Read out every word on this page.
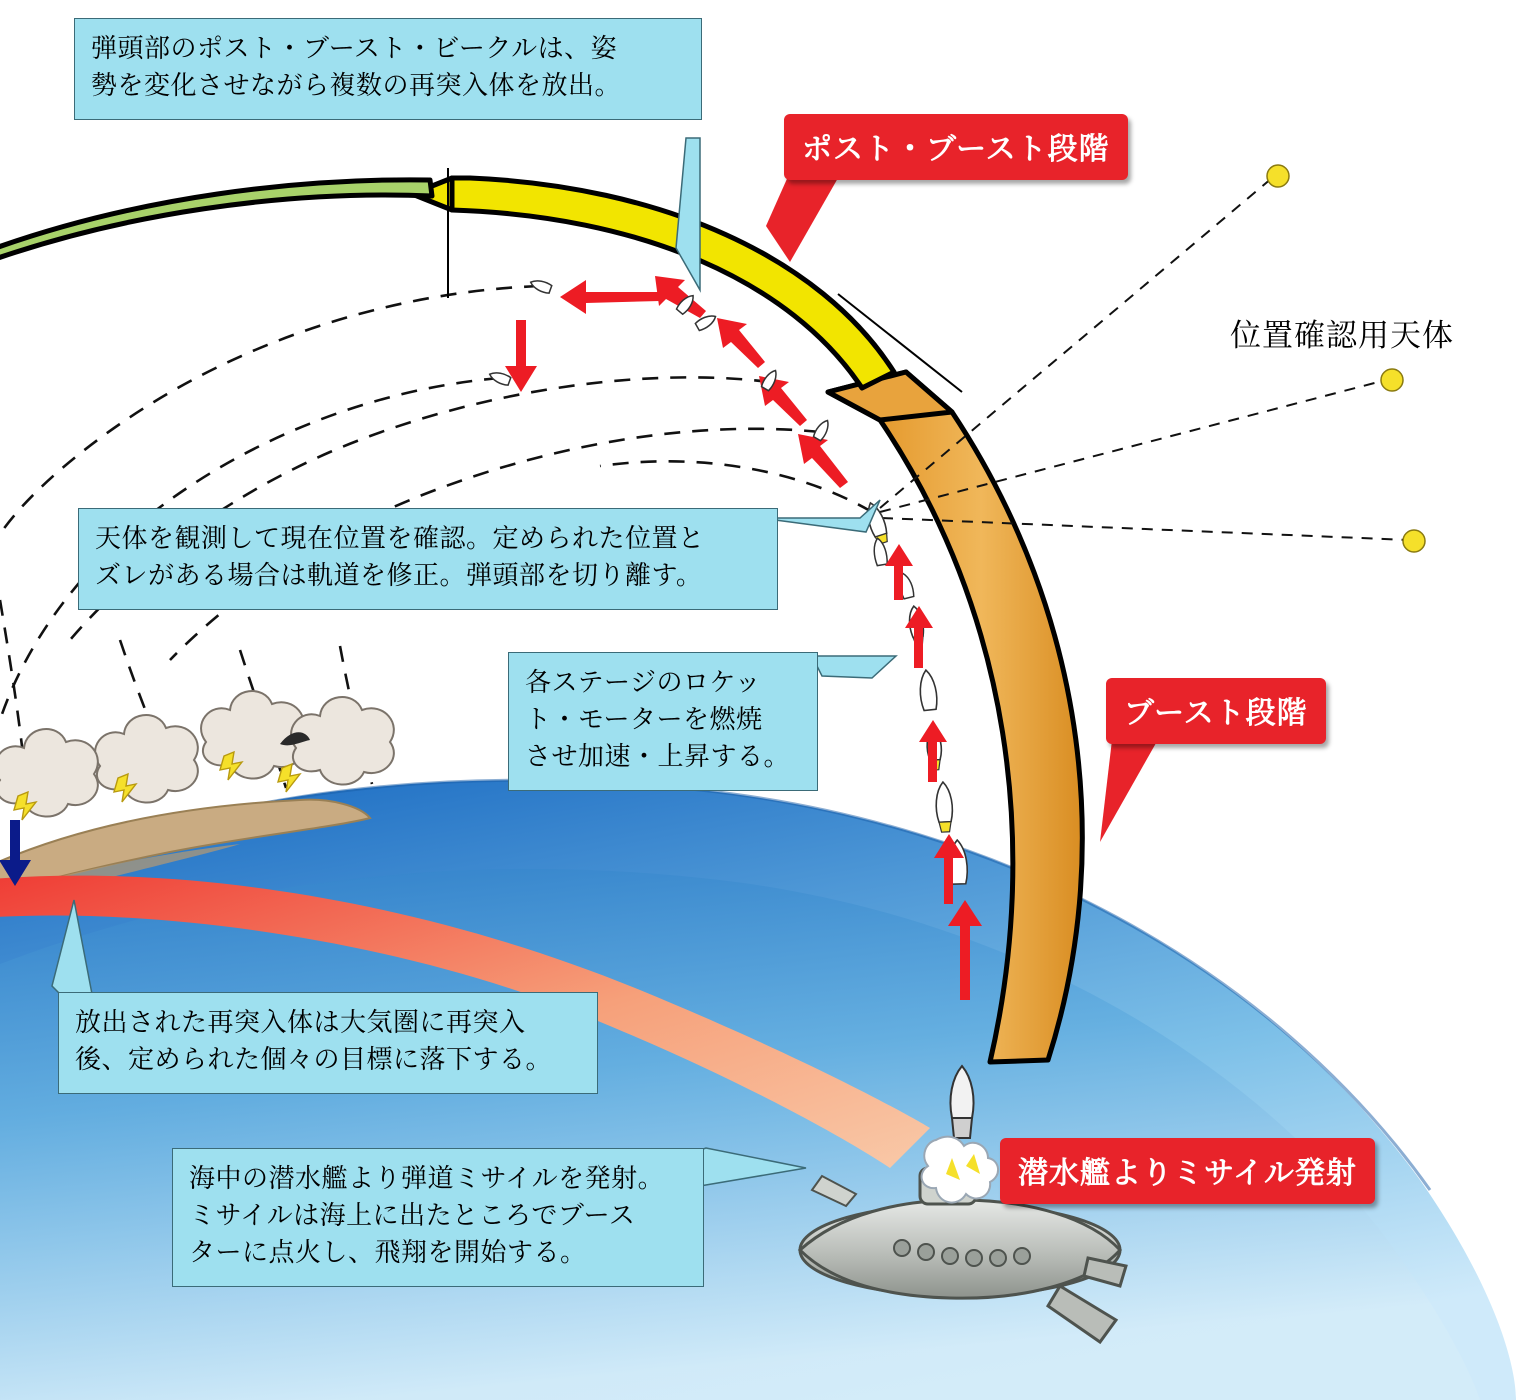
弾頭部のポスト・ブースト・ビークルは、姿
勢を変化させながら複数の再突入体を放出。
天体を観測して現在位置を確認。定められた位置と
ズレがある場合は軌道を修正。弾頭部を切り離す。
各ステージのロケッ
ト・モーターを燃焼
させ加速・上昇する。
放出された再突入体は大気圏に再突入
後、定められた個々の目標に落下する。
海中の潜水艦より弾道ミサイルを発射。
ミサイルは海上に出たところでブース
ターに点火し、飛翔を開始する。
ポスト・ブースト段階
ブースト段階
潜水艦よりミサイル発射
位置確認用天体
